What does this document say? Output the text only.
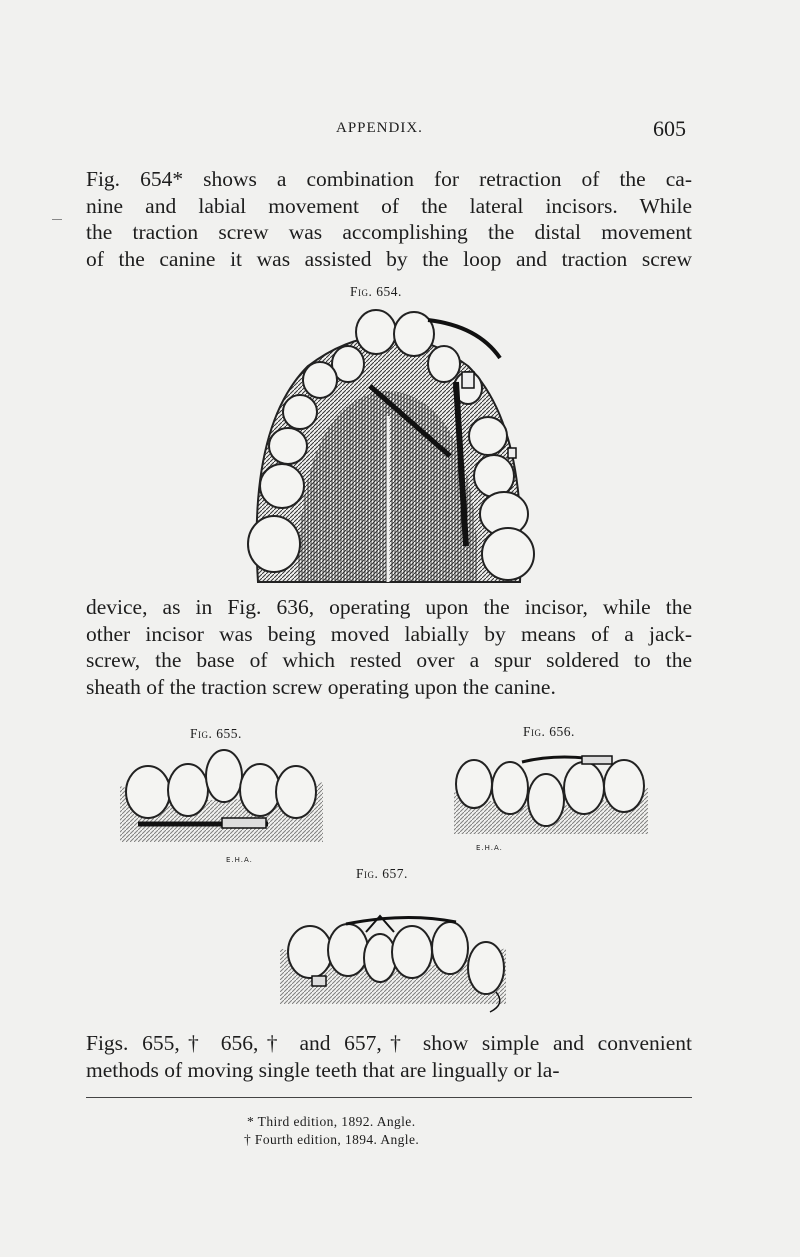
APPENDIX.	605

Fig. 654* shows a combination for retraction of the ca-
nine and labial movement of the lateral incisors. While
the traction screw was accomplishing the distal movement
of the canine it was assisted by the loop and traction screw

Fig. 654.

device, as in Fig. 636, operating upon the incisor, while the
other incisor was being moved labially by means of a jack-
screw, the base of which rested over a spur soldered to the
sheath of the traction screw operating upon the canine.

Fig. 655.
E.H.A.
Fig. 656.
E.H.A.
Fig. 657.

Figs. 655,† 656,† and 657,† show simple and convenient
methods of moving single teeth that are lingually or la-

* Third edition, 1892. Angle.
† Fourth edition, 1894. Angle.
